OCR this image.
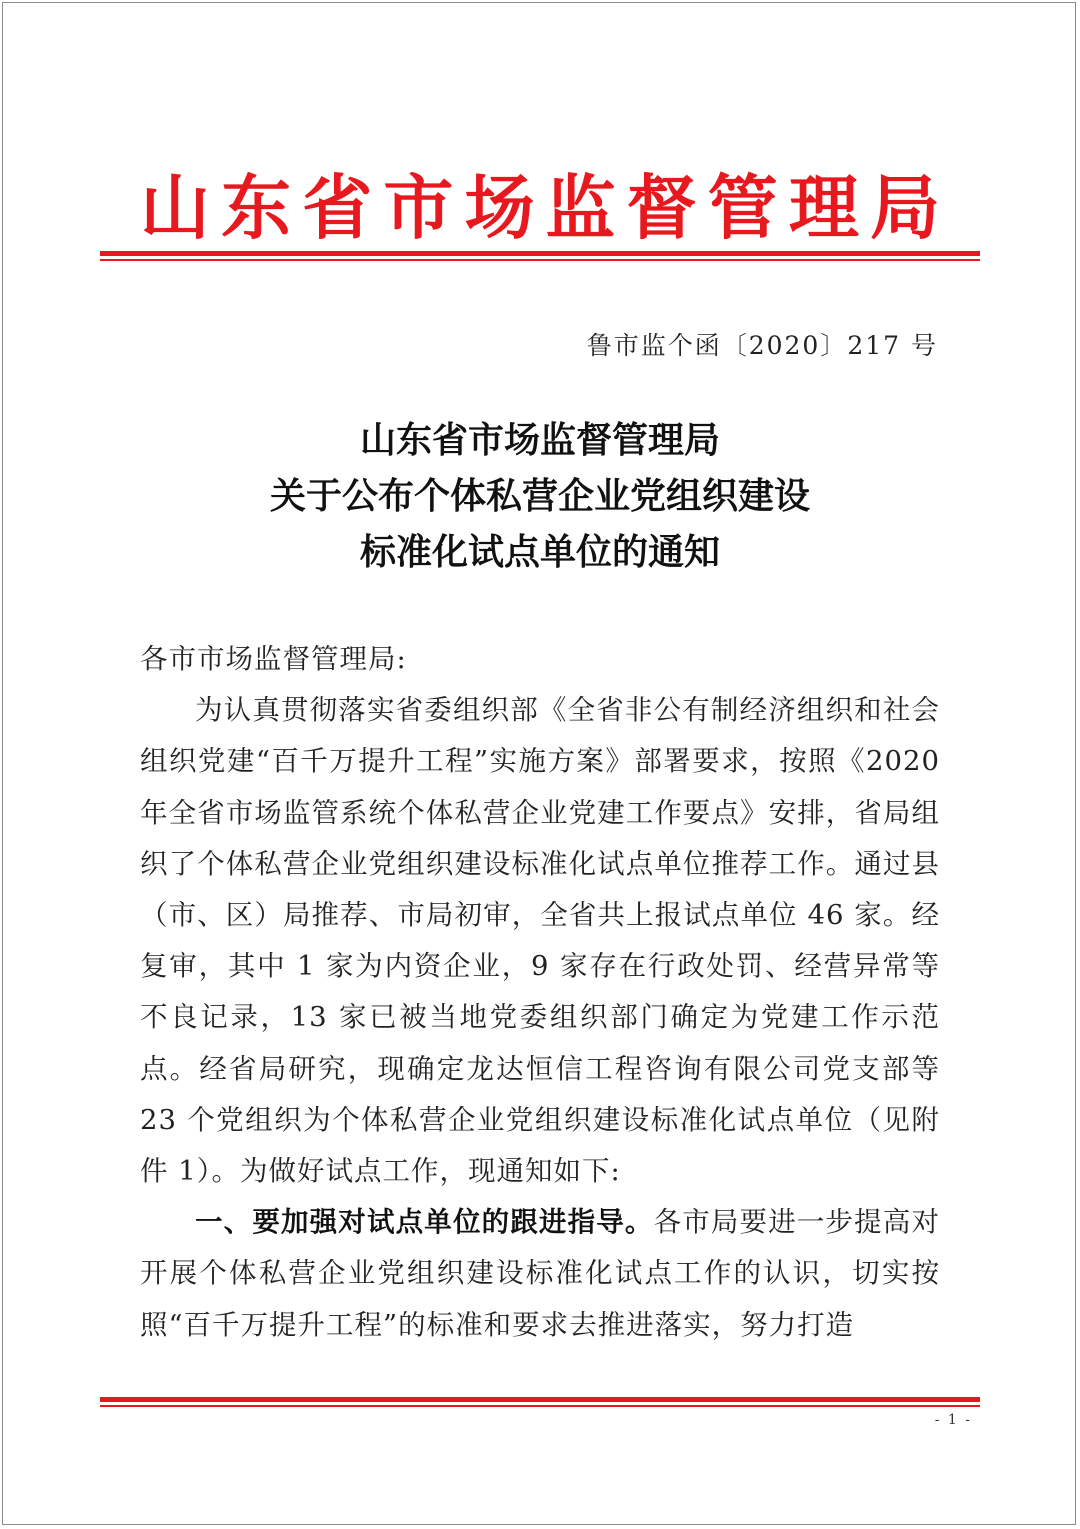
山 东 省 市 场 监 督 管 理 局
鲁市监个函〔2020〕217 号
山东省市场监督管理局
关于公布个体私营企业党组织建设
标准化试点单位的通知

各市市场监督管理局:

为认真贯彻落实省委组织部《全省非公有制经济组织和社会组织党建“百千万提升工程”实施方案》部署要求，按照《2020年全省市场监管系统个体私营企业党建工作要点》安排，省局组织了个体私营企业党组织建设标准化试点单位推荐工作。通过县（市、区）局推荐、市局初审，全省共上报试点单位 46 家。经复审，其中 1 家为内资企业，9 家存在行政处罚、经营异常等不良记录，13 家已被当地党委组织部门确定为党建工作示范点。经省局研究，现确定龙达恒信工程咨询有限公司党支部等 23 个党组织为个体私营企业党组织建设标准化试点单位（见附件 1）。为做好试点工作，现通知如下:

一、要加强对试点单位的跟进指导。各市局要进一步提高对开展个体私营企业党组织建设标准化试点工作的认识，切实按照“百千万提升工程”的标准和要求去推进落实，努力打造

- 1 -
